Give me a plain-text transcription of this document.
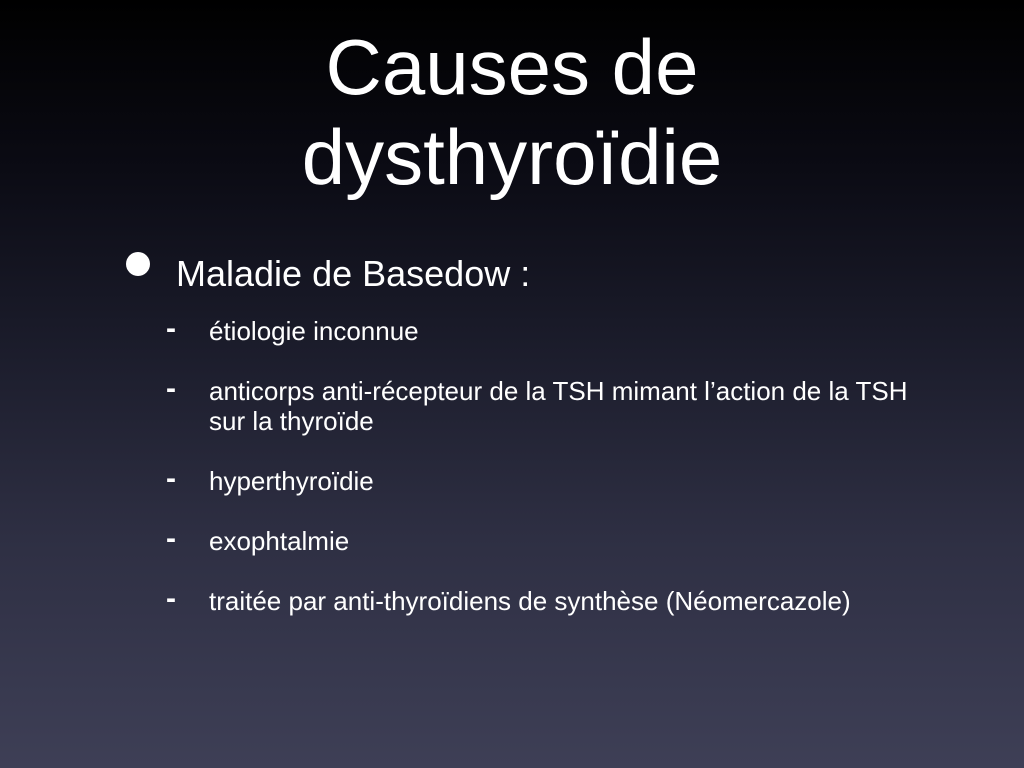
Causes de
dysthyroïdie
Maladie de Basedow :
-	étiologie inconnue
-	anticorps anti-récepteur de la TSH mimant l’action de la TSH sur la thyroïde
-	hyperthyroïdie
-	exophtalmie
-	traitée par anti-thyroïdiens de synthèse (Néomercazole)
